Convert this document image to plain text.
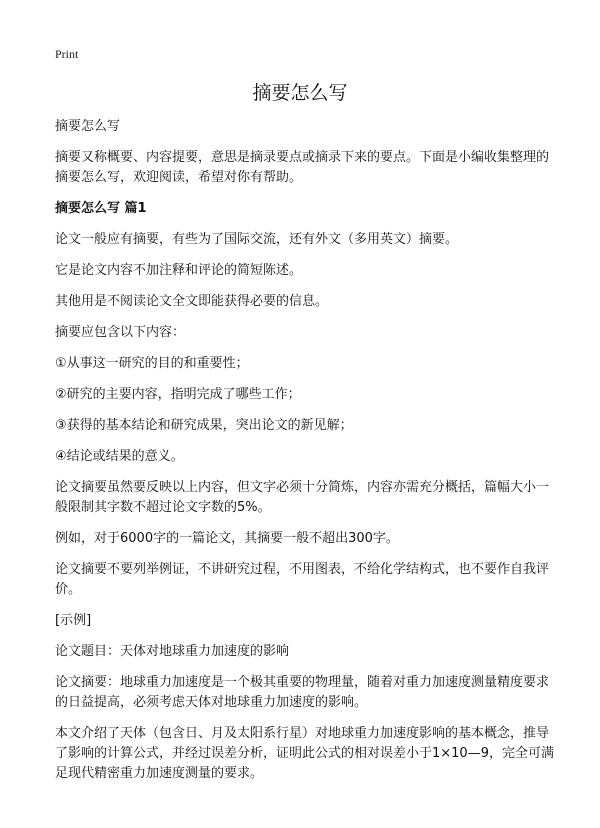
Print
摘要怎么写

摘要怎么写

摘要又称概要、内容提要，意思是摘录要点或摘录下来的要点。下面是小编收集整理的摘要怎么写，欢迎阅读，希望对你有帮助。

摘要怎么写 篇1

论文一般应有摘要，有些为了国际交流，还有外文（多用英文）摘要。

它是论文内容不加注释和评论的简短陈述。

其他用是不阅读论文全文即能获得必要的信息。

摘要应包含以下内容：

①从事这一研究的目的和重要性；

②研究的主要内容，指明完成了哪些工作；

③获得的基本结论和研究成果，突出论文的新见解；

④结论或结果的意义。

论文摘要虽然要反映以上内容，但文字必须十分简炼，内容亦需充分概括，篇幅大小一般限制其字数不超过论文字数的5%。

例如，对于6000字的一篇论文，其摘要一般不超出300字。

论文摘要不要列举例证，不讲研究过程，不用图表，不给化学结构式，也不要作自我评价。

[示例]

论文题目：天体对地球重力加速度的影响

论文摘要：地球重力加速度是一个极其重要的物理量，随着对重力加速度测量精度要求的日益提高，必须考虑天体对地球重力加速度的影响。

本文介绍了天体（包含日、月及太阳系行星）对地球重力加速度影响的基本概念，推导了影响的计算公式，并经过误差分析，证明此公式的相对误差小于1×10—9，完全可满足现代精密重力加速度测量的要求。
